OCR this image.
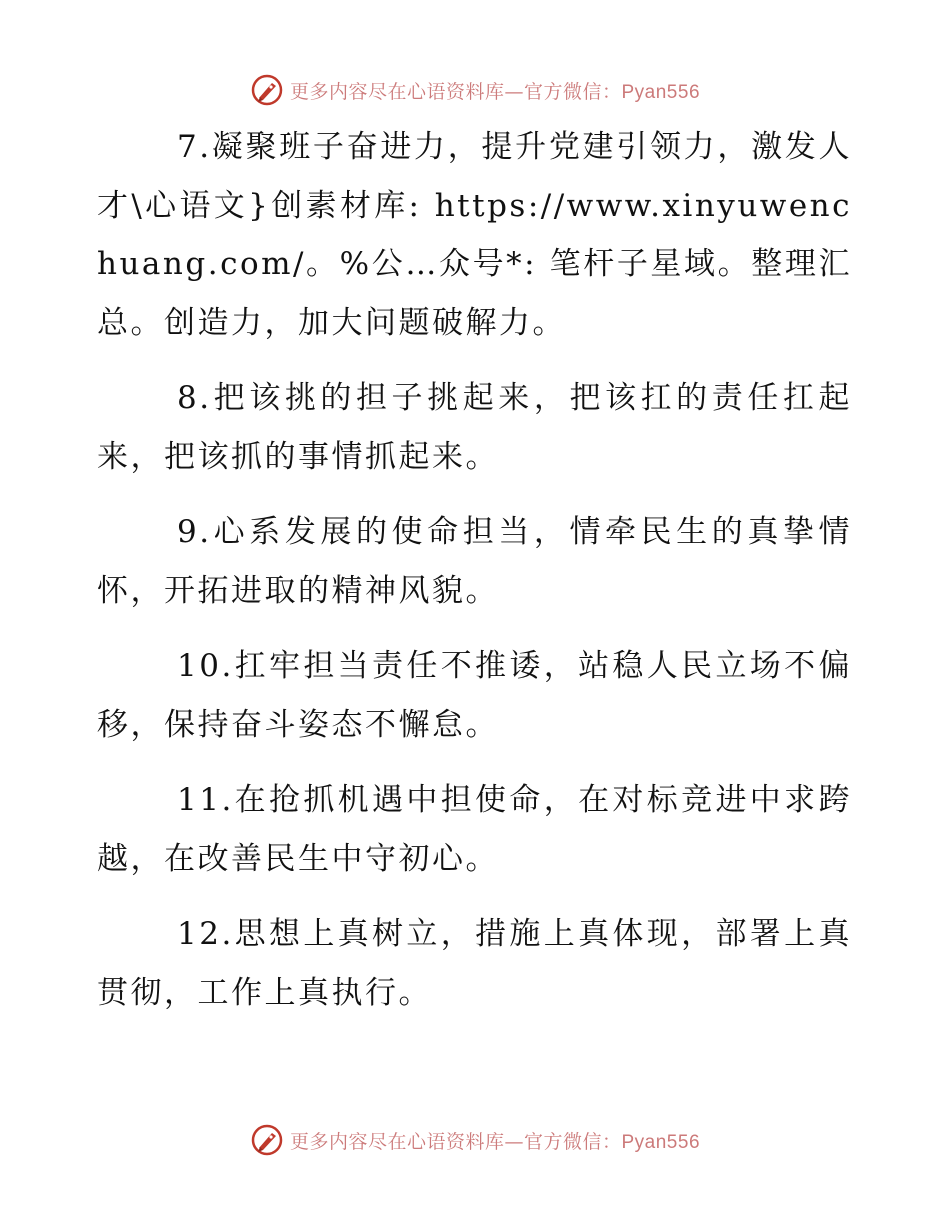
更多内容尽在心语资料库—官方微信：Pyan556

7.凝聚班子奋进力，提升党建引领力，激发人才\心语文}创素材库: https://www.xinyuwenchuang.com/。%公…众号*: 笔杆子星域。整理汇总。创造力，加大问题破解力。

8.把该挑的担子挑起来，把该扛的责任扛起来，把该抓的事情抓起来。

9.心系发展的使命担当，情牵民生的真挚情怀，开拓进取的精神风貌。

10.扛牢担当责任不推诿，站稳人民立场不偏移，保持奋斗姿态不懈怠。

11.在抢抓机遇中担使命，在对标竞进中求跨越，在改善民生中守初心。

12.思想上真树立，措施上真体现，部署上真贯彻，工作上真执行。

更多内容尽在心语资料库—官方微信：Pyan556
